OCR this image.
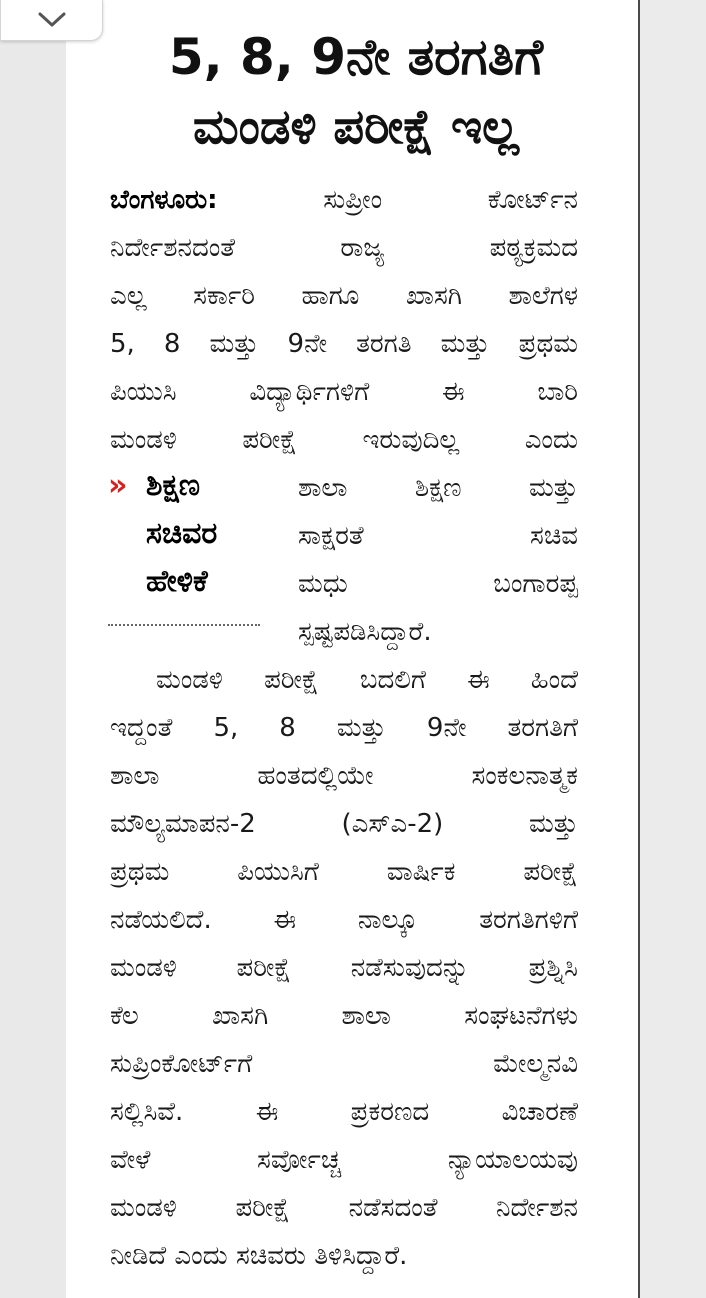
5, 8, 9ನೇ ತರಗತಿಗೆ
ಮಂಡಳಿ ಪರೀಕ್ಷೆ ಇಲ್ಲ
ಬೆಂಗಳೂರು:	ಸುಪ್ರೀಂ ಕೋರ್ಟ್‌ನ
ನಿರ್ದೇಶನದಂತೆ ರಾಜ್ಯ ಪಠ್ಯಕ್ರಮದ
ಎಲ್ಲ ಸರ್ಕಾರಿ ಹಾಗೂ ಖಾಸಗಿ ಶಾಲೆಗಳ
5, 8 ಮತ್ತು 9ನೇ ತರಗತಿ ಮತ್ತು ಪ್ರಥಮ
ಪಿಯುಸಿ ವಿದ್ಯಾರ್ಥಿಗಳಿಗೆ ಈ ಬಾರಿ
ಮಂಡಳಿ ಪರೀಕ್ಷೆ ಇರುವುದಿಲ್ಲ ಎಂದು
» ಶಿಕ್ಷಣ
ಸಚಿವರ
ಹೇಳಿಕೆ
ಶಾಲಾ ಶಿಕ್ಷಣ ಮತ್ತು
ಸಾಕ್ಷರತೆ ಸಚಿವ
ಮಧು ಬಂಗಾರಪ್ಪ
ಸ್ಪಷ್ಟಪಡಿಸಿದ್ದಾರೆ.
ಮಂಡಳಿ ಪರೀಕ್ಷೆ ಬದಲಿಗೆ ಈ ಹಿಂದೆ
ಇದ್ದಂತೆ 5, 8 ಮತ್ತು 9ನೇ ತರಗತಿಗೆ
ಶಾಲಾ ಹಂತದಲ್ಲಿಯೇ ಸಂಕಲನಾತ್ಮಕ
ಮೌಲ್ಯಮಾಪನ-2 (ಎಸ್‌ಎ-2) ಮತ್ತು
ಪ್ರಥಮ ಪಿಯುಸಿಗೆ ವಾರ್ಷಿಕ ಪರೀಕ್ಷೆ
ನಡೆಯಲಿದೆ. ಈ ನಾಲ್ಕೂ ತರಗತಿಗಳಿಗೆ
ಮಂಡಳಿ ಪರೀಕ್ಷೆ ನಡೆಸುವುದನ್ನು ಪ್ರಶ್ನಿಸಿ
ಕೆಲ ಖಾಸಗಿ ಶಾಲಾ ಸಂಘಟನೆಗಳು
ಸುಪ್ರಿಂಕೋರ್ಟ್‌ಗೆ ಮೇಲ್ಮನವಿ
ಸಲ್ಲಿಸಿವೆ. ಈ ಪ್ರಕರಣದ ವಿಚಾರಣೆ
ವೇಳೆ ಸರ್ವೋಚ್ಚ ನ್ಯಾಯಾಲಯವು
ಮಂಡಳಿ ಪರೀಕ್ಷೆ ನಡೆಸದಂತೆ ನಿರ್ದೇಶನ
ನೀಡಿದೆ ಎಂದು ಸಚಿವರು ತಿಳಿಸಿದ್ದಾರೆ.
